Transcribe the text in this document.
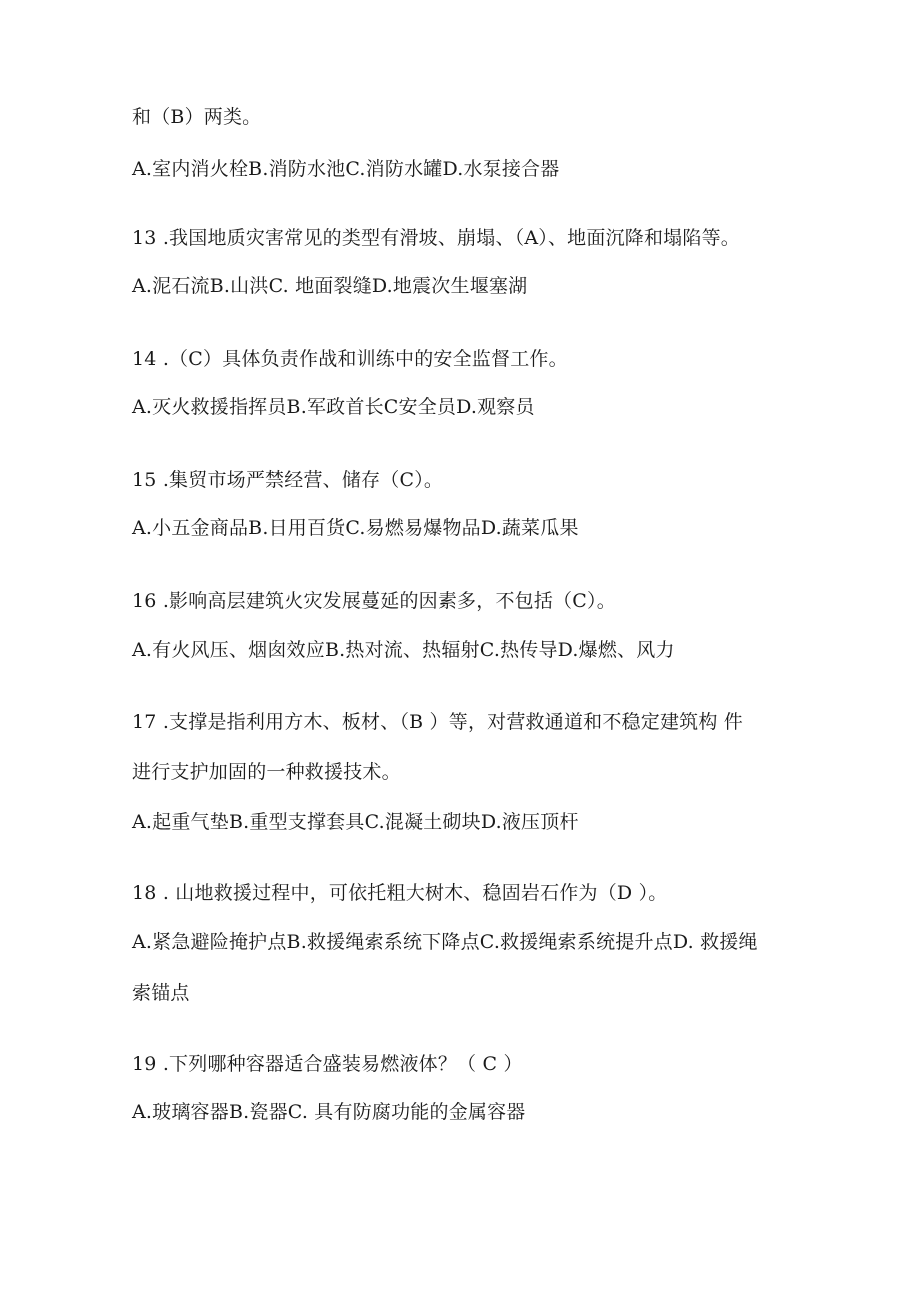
和（B）两类。
A.室内消火栓B.消防水池C.消防水罐D.水泵接合器
13 .我国地质灾害常见的类型有滑坡、崩塌、（A）、地面沉降和塌陷等。
A.泥石流B.山洪C. 地面裂缝D.地震次生堰塞湖
14 .（C）具体负责作战和训练中的安全监督工作。
A.灭火救援指挥员B.军政首长C安全员D.观察员
15 .集贸市场严禁经营、储存（C）。
A.小五金商品B.日用百货C.易燃易爆物品D.蔬菜瓜果
16 .影响高层建筑火灾发展蔓延的因素多，不包括（C）。
A.有火风压、烟囱效应B.热对流、热辐射C.热传导D.爆燃、风力
17 .支撑是指利用方木、板材、（B ）等，对营救通道和不稳定建筑构 件
进行支护加固的一种救援技术。
A.起重气垫B.重型支撑套具C.混凝土砌块D.液压顶杆
18 . 山地救援过程中，可依托粗大树木、稳固岩石作为（D ）。
A.紧急避险掩护点B.救援绳索系统下降点C.救援绳索系统提升点D. 救援绳
索锚点
19 .下列哪种容器适合盛装易燃液体？（ C ）
A.玻璃容器B.瓷器C. 具有防腐功能的金属容器
